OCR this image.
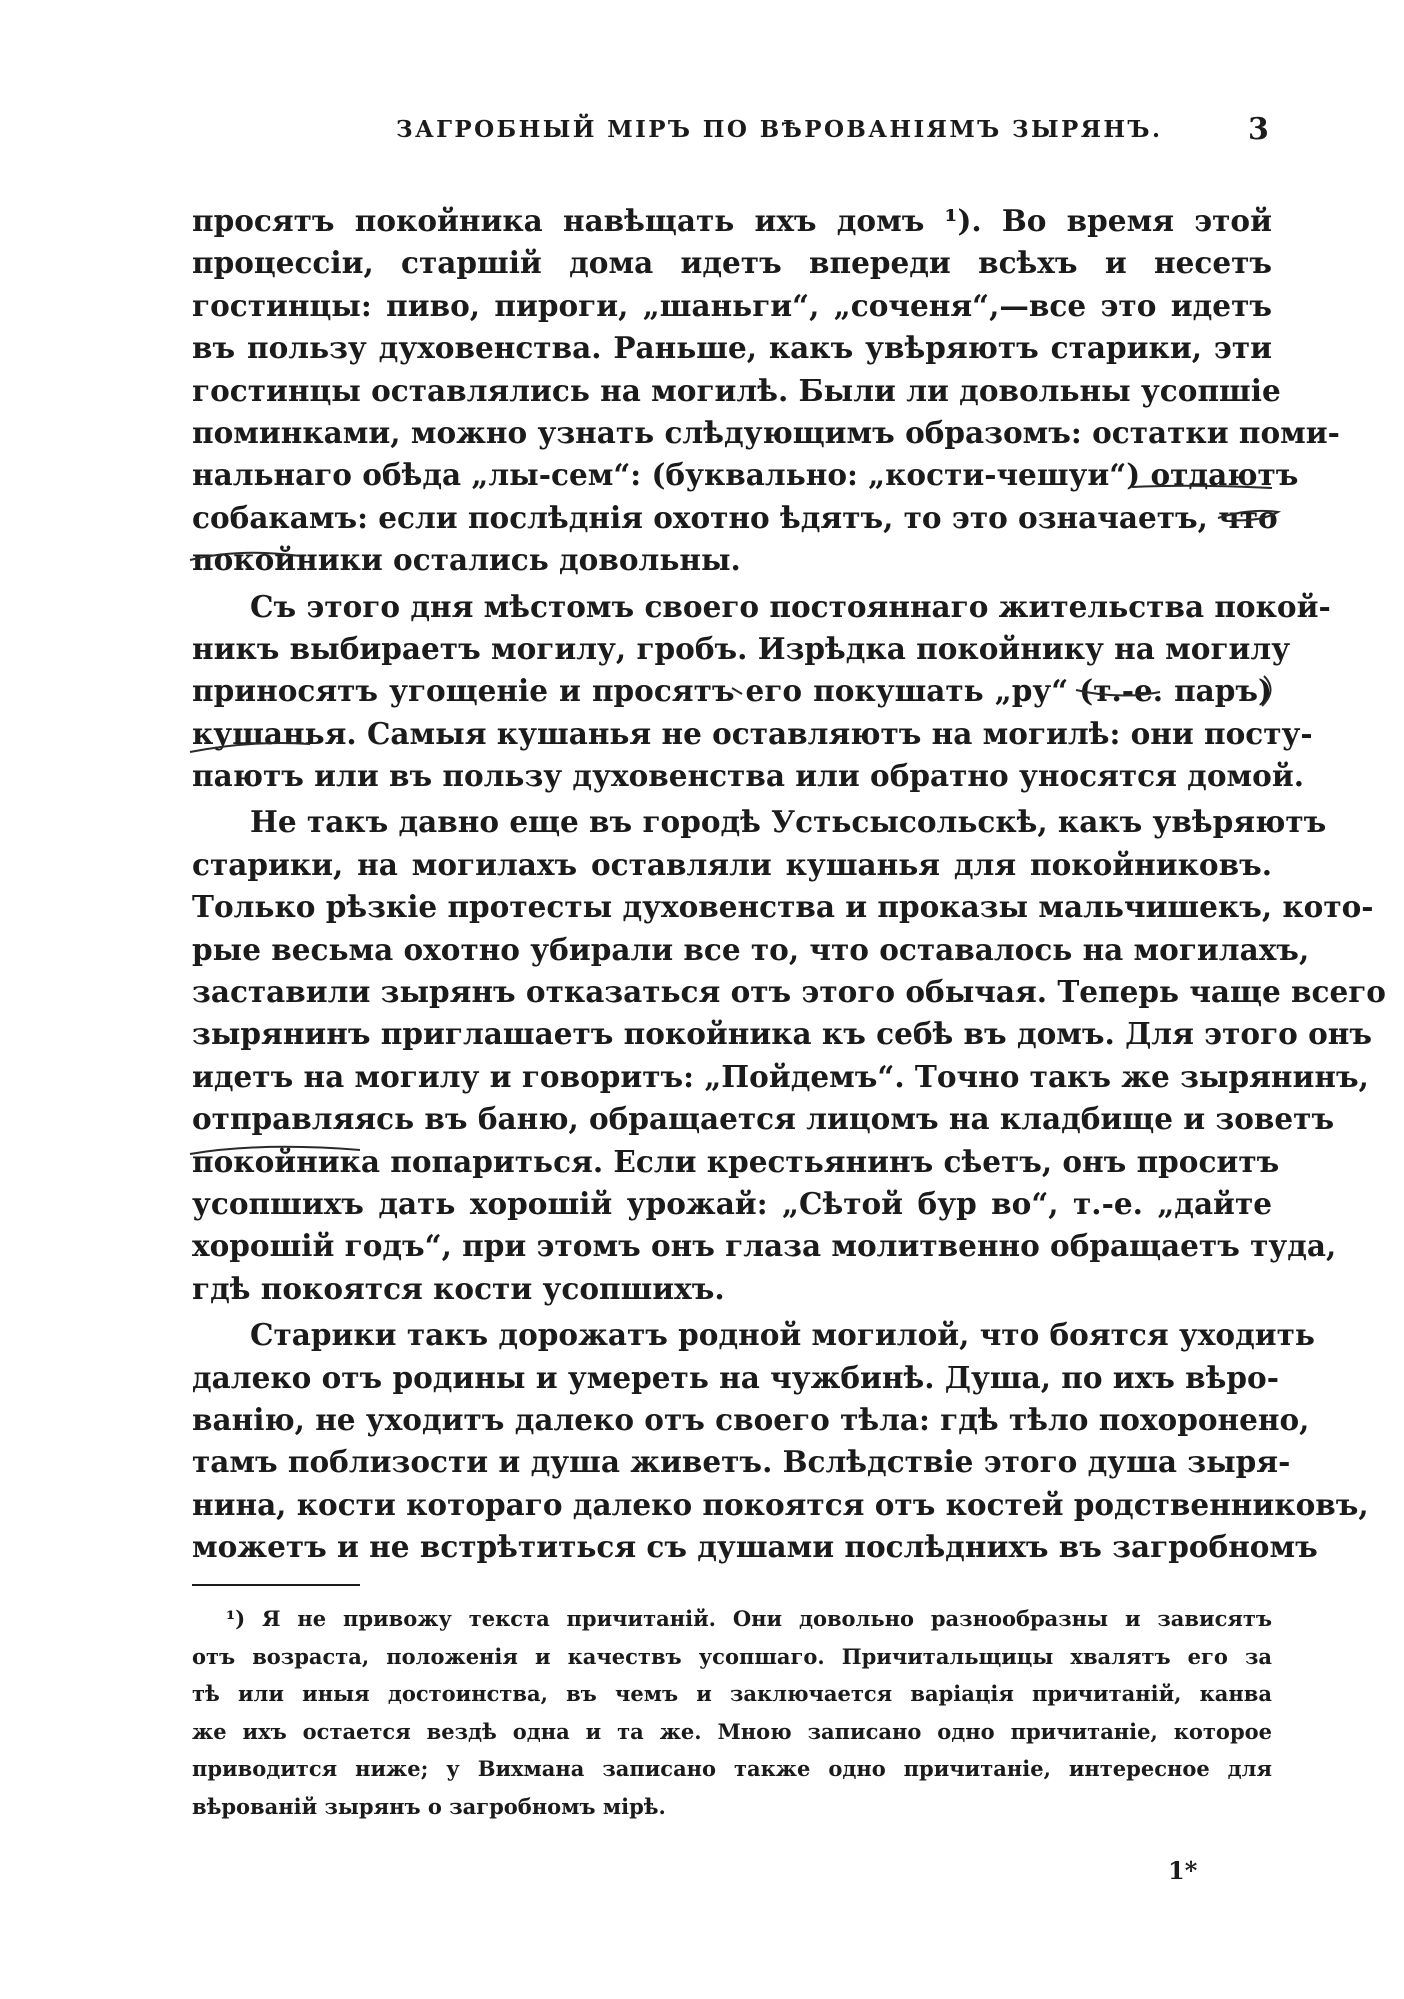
ЗАГРОБНЫЙ МІРЪ ПО ВѢРОВАНІЯМЪ ЗЫРЯНЪ.	3
просятъ покойника навѣщать ихъ домъ ¹). Во время этой
процессіи, старшій дома идетъ впереди всѣхъ и несетъ
гостинцы: пиво, пироги, „шаньги“, „соченя“,—все это идетъ
въ пользу духовенства. Раньше, какъ увѣряютъ старики, эти
гостинцы оставлялись на могилѣ. Были ли довольны усопшіе
поминками, можно узнать слѣдующимъ образомъ: остатки поми-
нальнаго обѣда „лы-сем“: (буквально: „кости-чешуи“) отдаютъ
собакамъ: если послѣднія охотно ѣдятъ, то это означаетъ, что
покойники остались довольны.
Съ этого дня мѣстомъ своего постояннаго жительства покой-
никъ выбираетъ могилу, гробъ. Изрѣдка покойнику на могилу
приносятъ угощеніе и просятъ его покушать „ру“ (т.-е. паръ)
кушанья. Самыя кушанья не оставляютъ на могилѣ: они посту-
паютъ или въ пользу духовенства или обратно уносятся домой.
Не такъ давно еще въ городѣ Устьсысольскѣ, какъ увѣряютъ
старики, на могилахъ оставляли кушанья для покойниковъ.
Только рѣзкіе протесты духовенства и проказы мальчишекъ, кото-
рые весьма охотно убирали все то, что оставалось на могилахъ,
заставили зырянъ отказаться отъ этого обычая. Теперь чаще всего
зырянинъ приглашаетъ покойника къ себѣ въ домъ. Для этого онъ
идетъ на могилу и говоритъ: „Пойдемъ“. Точно такъ же зырянинъ,
отправляясь въ баню, обращается лицомъ на кладбище и зоветъ
покойника попариться. Если крестьянинъ сѣетъ, онъ проситъ
усопшихъ дать хорошій урожай: „Сѣтой бур во“, т.-е. „дайте
хорошій годъ“, при этомъ онъ глаза молитвенно обращаетъ туда,
гдѣ покоятся кости усопшихъ.
Старики такъ дорожатъ родной могилой, что боятся уходить
далеко отъ родины и умереть на чужбинѣ. Душа, по ихъ вѣро-
ванію, не уходитъ далеко отъ своего тѣла: гдѣ тѣло похоронено,
тамъ поблизости и душа живетъ. Вслѣдствіе этого душа зыря-
нина, кости котораго далеко покоятся отъ костей родственниковъ,
можетъ и не встрѣтиться съ душами послѣднихъ въ загробномъ
¹) Я не привожу текста причитаній. Они довольно разнообразны и зависятъ
отъ возраста, положенія и качествъ усопшаго. Причитальщицы хвалятъ его за
тѣ или иныя достоинства, въ чемъ и заключается варіація причитаній, канва
же ихъ остается вездѣ одна и та же. Мною записано одно причитаніе, которое
приводится ниже; у Вихмана записано также одно причитаніе, интересное для
вѣрованій зырянъ о загробномъ мірѣ.
1*
